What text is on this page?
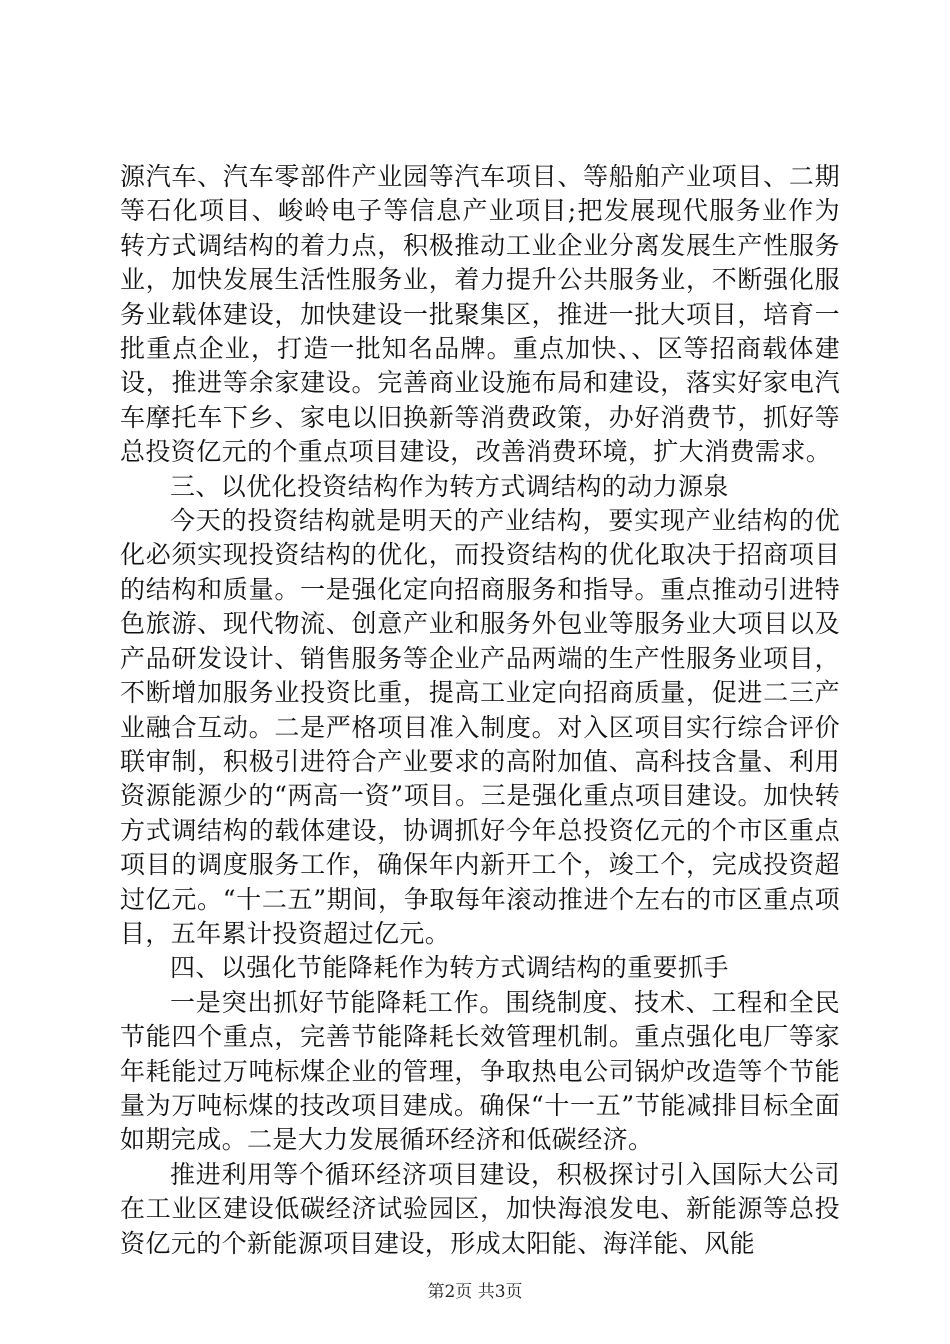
源汽车、汽车零部件产业园等汽车项目、等船舶产业项目、二期等石化项目、峻岭电子等信息产业项目;把发展现代服务业作为转方式调结构的着力点，积极推动工业企业分离发展生产性服务业，加快发展生活性服务业，着力提升公共服务业，不断强化服务业载体建设，加快建设一批聚集区，推进一批大项目，培育一批重点企业，打造一批知名品牌。重点加快、、区等招商载体建设，推进等余家建设。完善商业设施布局和建设，落实好家电汽车摩托车下乡、家电以旧换新等消费政策，办好消费节，抓好等总投资亿元的个重点项目建设，改善消费环境，扩大消费需求。

三、以优化投资结构作为转方式调结构的动力源泉

今天的投资结构就是明天的产业结构，要实现产业结构的优化必须实现投资结构的优化，而投资结构的优化取决于招商项目的结构和质量。一是强化定向招商服务和指导。重点推动引进特色旅游、现代物流、创意产业和服务外包业等服务业大项目以及产品研发设计、销售服务等企业产品两端的生产性服务业项目，不断增加服务业投资比重，提高工业定向招商质量，促进二三产业融合互动。二是严格项目准入制度。对入区项目实行综合评价联审制，积极引进符合产业要求的高附加值、高科技含量、利用资源能源少的“两高一资”项目。三是强化重点项目建设。加快转方式调结构的载体建设，协调抓好今年总投资亿元的个市区重点项目的调度服务工作，确保年内新开工个，竣工个，完成投资超过亿元。“十二五”期间，争取每年滚动推进个左右的市区重点项目，五年累计投资超过亿元。

四、以强化节能降耗作为转方式调结构的重要抓手

一是突出抓好节能降耗工作。围绕制度、技术、工程和全民节能四个重点，完善节能降耗长效管理机制。重点强化电厂等家年耗能过万吨标煤企业的管理，争取热电公司锅炉改造等个节能量为万吨标煤的技改项目建成。确保“十一五”节能减排目标全面如期完成。二是大力发展循环经济和低碳经济。

推进利用等个循环经济项目建设，积极探讨引入国际大公司在工业区建设低碳经济试验园区，加快海浪发电、新能源等总投资亿元的个新能源项目建设，形成太阳能、海洋能、风能

第2页 共3页
